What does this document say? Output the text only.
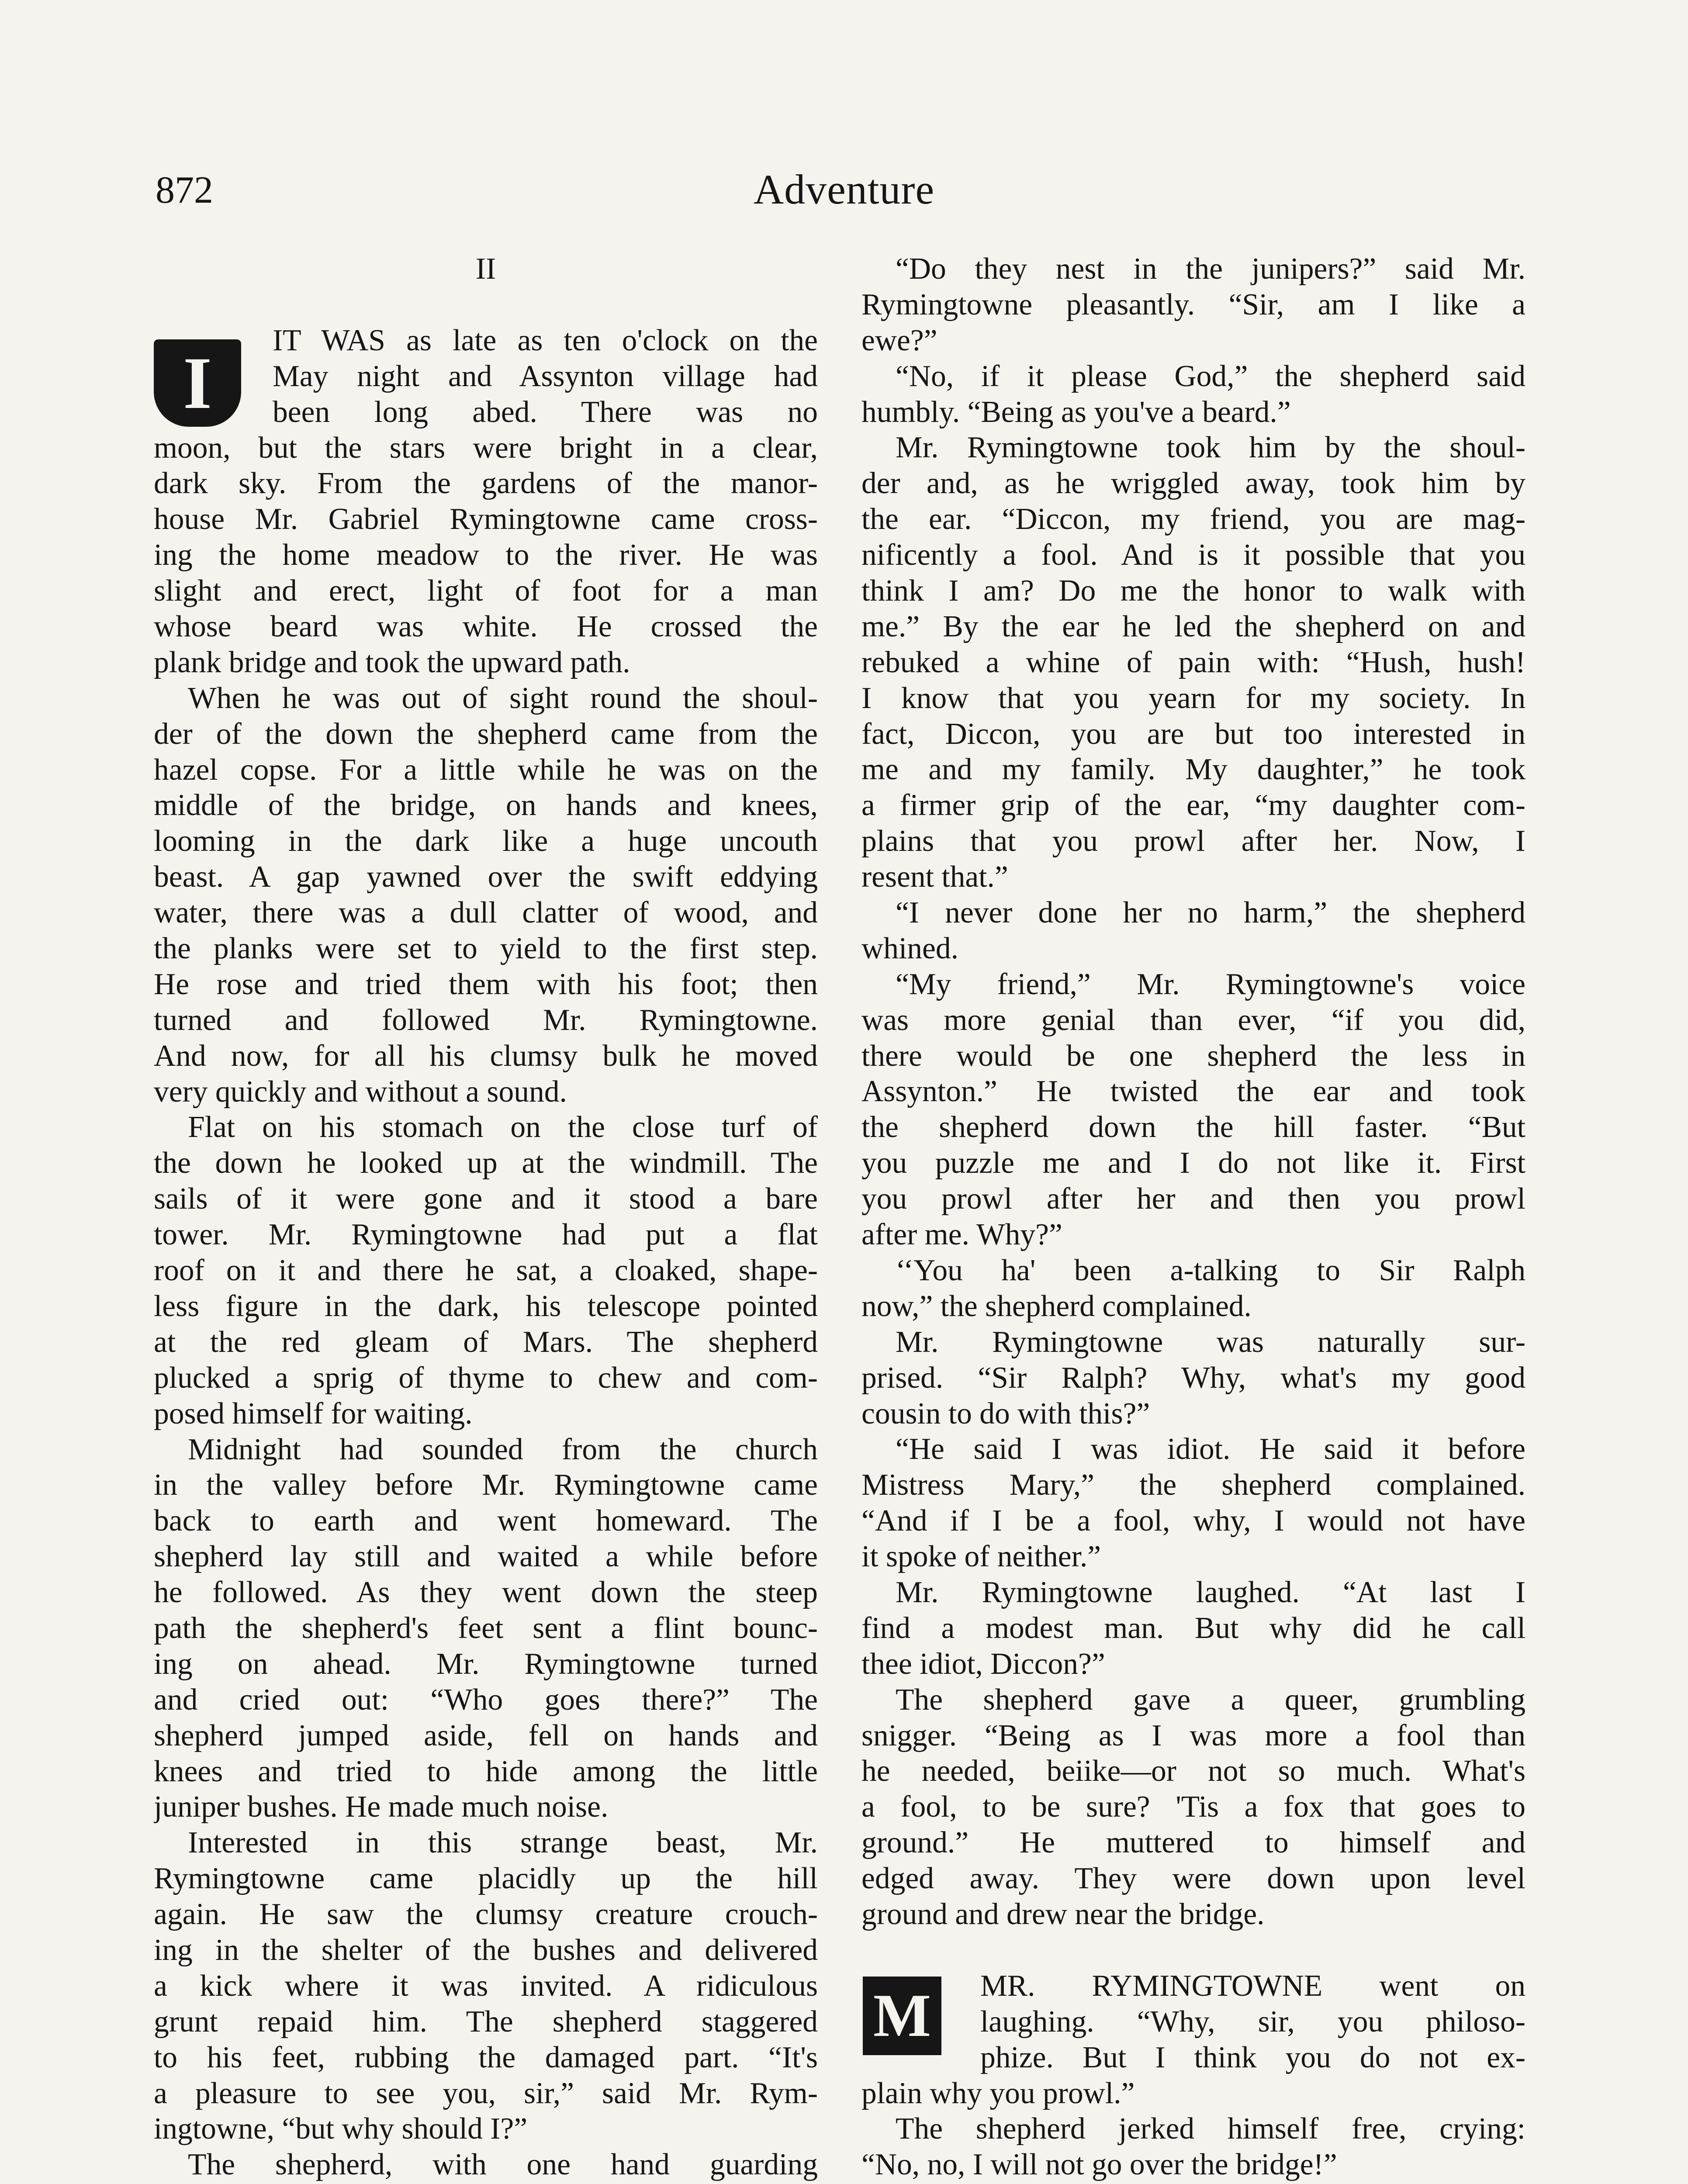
872	Adventure
I
M
II
IT WAS as late as ten o'clock on the
May night and Assynton village had
been long abed. There was no
moon, but the stars were bright in a clear,
dark sky. From the gardens of the manor-
house Mr. Gabriel Rymingtowne came cross-
ing the home meadow to the river. He was
slight and erect, light of foot for a man
whose beard was white. He crossed the
plank bridge and took the upward path.
When he was out of sight round the shoul-
der of the down the shepherd came from the
hazel copse. For a little while he was on the
middle of the bridge, on hands and knees,
looming in the dark like a huge uncouth
beast. A gap yawned over the swift eddying
water, there was a dull clatter of wood, and
the planks were set to yield to the first step.
He rose and tried them with his foot; then
turned and followed Mr. Rymingtowne.
And now, for all his clumsy bulk he moved
very quickly and without a sound.
Flat on his stomach on the close turf of
the down he looked up at the windmill. The
sails of it were gone and it stood a bare
tower. Mr. Rymingtowne had put a flat
roof on it and there he sat, a cloaked, shape-
less figure in the dark, his telescope pointed
at the red gleam of Mars. The shepherd
plucked a sprig of thyme to chew and com-
posed himself for waiting.
Midnight had sounded from the church
in the valley before Mr. Rymingtowne came
back to earth and went homeward. The
shepherd lay still and waited a while before
he followed. As they went down the steep
path the shepherd's feet sent a flint bounc-
ing on ahead. Mr. Rymingtowne turned
and cried out: “Who goes there?” The
shepherd jumped aside, fell on hands and
knees and tried to hide among the little
juniper bushes. He made much noise.
Interested in this strange beast, Mr.
Rymingtowne came placidly up the hill
again. He saw the clumsy creature crouch-
ing in the shelter of the bushes and delivered
a kick where it was invited. A ridiculous
grunt repaid him. The shepherd staggered
to his feet, rubbing the damaged part. “It's
a pleasure to see you, sir,” said Mr. Rym-
ingtowne, “but why should I?”
The shepherd, with one hand guarding
“Do they nest in the junipers?” said Mr.
Rymingtowne pleasantly. “Sir, am I like a
ewe?”
“No, if it please God,” the shepherd said
humbly. “Being as you've a beard.”
Mr. Rymingtowne took him by the shoul-
der and, as he wriggled away, took him by
the ear. “Diccon, my friend, you are mag-
nificently a fool. And is it possible that you
think I am? Do me the honor to walk with
me.” By the ear he led the shepherd on and
rebuked a whine of pain with: “Hush, hush!
I know that you yearn for my society. In
fact, Diccon, you are but too interested in
me and my family. My daughter,” he took
a firmer grip of the ear, “my daughter com-
plains that you prowl after her. Now, I
resent that.”
“I never done her no harm,” the shepherd
whined.
“My friend,” Mr. Rymingtowne's voice
was more genial than ever, “if you did,
there would be one shepherd the less in
Assynton.” He twisted the ear and took
the shepherd down the hill faster. “But
you puzzle me and I do not like it. First
you prowl after her and then you prowl
after me. Why?”
‘‘You ha' been a-talking to Sir Ralph
now,” the shepherd complained.
Mr. Rymingtowne was naturally sur-
prised. “Sir Ralph? Why, what's my good
cousin to do with this?”
“He said I was idiot. He said it before
Mistress Mary,” the shepherd complained.
“And if I be a fool, why, I would not have
it spoke of neither.”
Mr. Rymingtowne laughed. “At last I
find a modest man. But why did he call
thee idiot, Diccon?”
The shepherd gave a queer, grumbling
snigger. “Being as I was more a fool than
he needed, beiike—or not so much. What's
a fool, to be sure? 'Tis a fox that goes to
ground.” He muttered to himself and
edged away. They were down upon level
ground and drew near the bridge.
MR. RYMINGTOWNE went on
laughing. “Why, sir, you philoso-
phize. But I think you do not ex-
plain why you prowl.”
The shepherd jerked himself free, crying:
“No, no, I will not go over the bridge!”
